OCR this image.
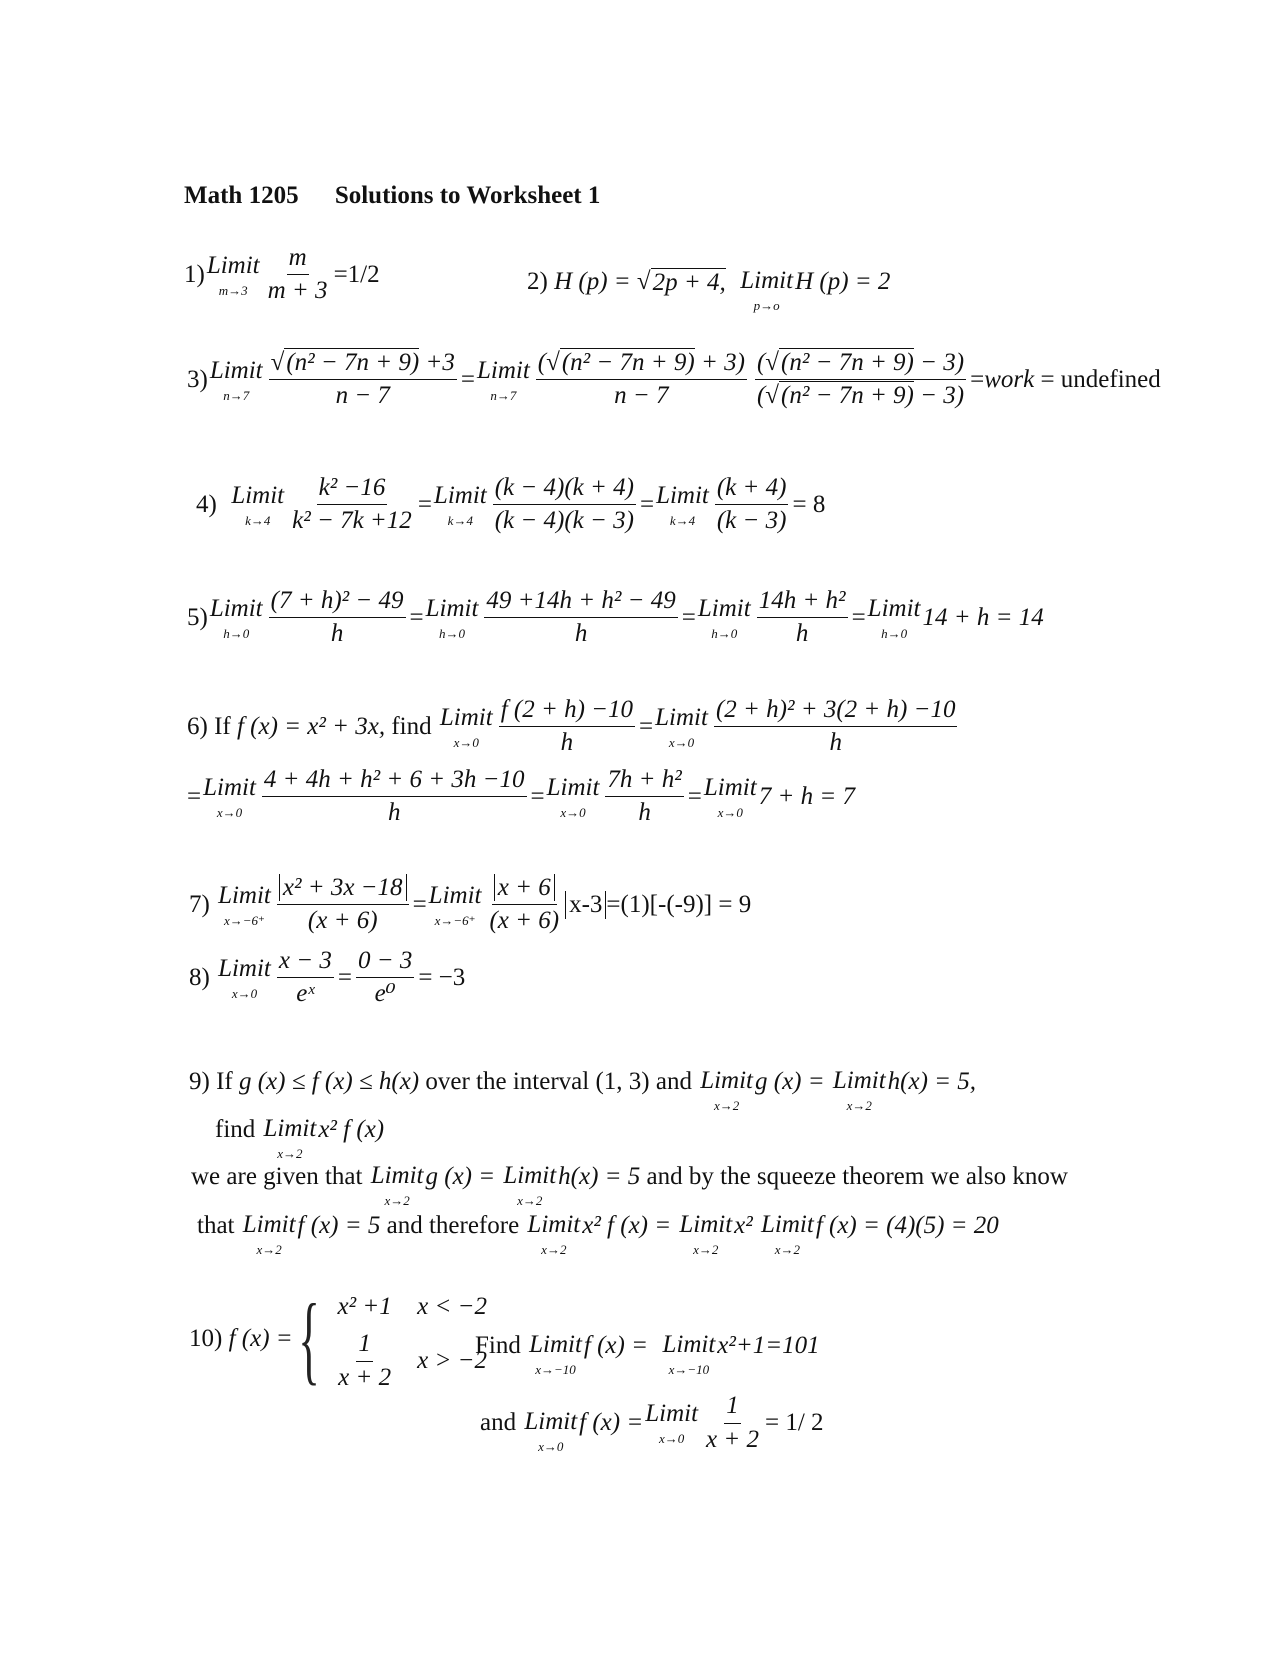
Math 1205 Solutions to Worksheet 1
1) Limit
$m\to 3 \frac{m}{m + 3} =1/2$	2)
H (p) =
√ 2p + 4,
Limit
p→o
H (p) = 2
3) Limit
$n\to 7 \frac{\text{√(n² − 7n + 9) +3}}{n - 7}$ = Limit
$n\to 7 \frac{\text{(√(n² − 7n + 9) + 3)}}{n - 7} \frac{\text{(√(n² − 7n + 9) − 3)}}{\text{(√(n² − 7n + 9) − 3)}}$ = work
= undefined
4)
Limit
$k\to 4 \frac{\text{k² −16}}{\text{k² − 7k +12}}$ = Limit
$k\to 4 \frac{(k - 4)(k + 4)}{(k - 4)(k - 3)}$ = Limit
$k\to 4 \frac{(k + 4)}{(k - 3)} = 8$
5) Limit
$h\to 0 \frac{\text{(7 + h)² − 49}}{h}$ = Limit
$h\to 0 \frac{\text{49 +14h + h² − 49}}{h}$ = Limit
$h\to 0 \frac{\text{14h + h²}}{h}$ = Limit
h→0
14 + h = 14
6)
If
f (x) = x² + 3x,
find
Limit
$x\to 0 \frac{f (2 + h) -10}{h}$ = Limit
$x\to 0 \frac{\text{(2 + h)² + 3(2 + h) −10}}{h}$
= Limit
$x\to 0 \frac{\text{4 + 4h + h² + 6 + 3h −10}}{h}$ = Limit
$x\to 0 \frac{\text{7h + h²}}{h}$ = Limit
x→0
7 + h = 7
7)
Limit
$x\to-6^+ \frac{\text{x² + 3x −18}}{(x + 6)}$ = Limit
$x\to-6^+ \frac{x + 6}{(x + 6)} x-3 =(1)[-(-9)] = 9$
8)
Limit
$x\to 0 \frac{x - 3}{\text{eˣ}} = \frac{0 - 3}{\text{e⁰}} = -3$
9) If
g (x) ≤ f (x) ≤ h(x)
over the interval (1, 3) and
Limit
x→2
g (x) =
Limit
x→2
h(x) = 5,
find
Limit
x→2
x² f (x)
we are given that
Limit
x→2
g (x) =
Limit
x→2
h(x) = 5
and by the squeeze theorem we also know
that
Limit
x→2
f (x) = 5
and therefore
Limit
x→2
x² f (x) =
Limit
x→2
x²
Limit
x→2
f (x) = (4)(5) = 20
10)
f (x) = { x² +1
	x < −2
$\frac{1}{x + 2}$
x > −2
Find
Limit
x→−10
f (x) =
Limit
x→−10
x²+1=101
and
Limit
x→0
f (x) = Limit
$x\to 0 \frac{1}{x + 2} = 1/$ 2
